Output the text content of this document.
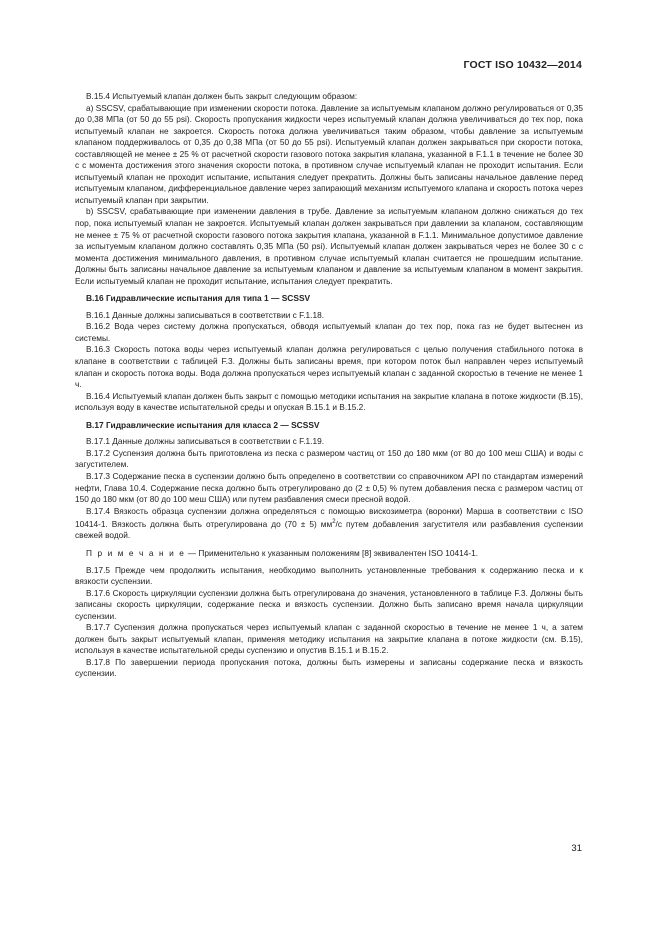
ГОСТ ISO 10432—2014

B.15.4 Испытуемый клапан должен быть закрыт следующим образом:

a) SSCSV, срабатывающие при изменении скорости потока. Давление за испытуемым клапаном должно регулироваться от 0,35 до 0,38 МПа (от 50 до 55 psi). Скорость пропускания жидкости через испытуемый клапан должна увеличиваться до тех пор, пока испытуемый клапан не закроется. Скорость потока должна увеличиваться таким образом, чтобы давление за испытуемым клапаном поддерживалось от 0,35 до 0,38 МПа (от 50 до 55 psi). Испытуемый клапан должен закрываться при скорости потока, составляющей не менее ± 25 % от расчетной скорости газового потока закрытия клапана, указанной в F.1.1 в течение не более 30 с с момента достижения этого значения скорости потока, в противном случае испытуемый клапан не проходит испытания. Если испытуемый клапан не проходит испытание, испытания следует прекратить. Должны быть записаны начальное давление перед испытуемым клапаном, дифференциальное давление через запирающий механизм испытуемого клапана и скорость потока через испытуемый клапан при закрытии.

b) SSCSV, срабатывающие при изменении давления в трубе. Давление за испытуемым клапаном должно снижаться до тех пор, пока испытуемый клапан не закроется. Испытуемый клапан должен закрываться при давлении за клапаном, составляющим не менее ± 75 % от расчетной скорости газового потока закрытия клапана, указанной в F.1.1. Минимальное допустимое давление за испытуемым клапаном должно составлять 0,35 МПа (50 psi). Испытуемый клапан должен закрываться через не более 30 с с момента достижения минимального давления, в противном случае испытуемый клапан считается не прошедшим испытание. Должны быть записаны начальное давление за испытуемым клапаном и давление за испытуемым клапаном в момент закрытия. Если испытуемый клапан не проходит испытание, испытания следует прекратить.

B.16 Гидравлические испытания для типа 1 — SCSSV

B.16.1 Данные должны записываться в соответствии с F.1.18.

B.16.2 Вода через систему должна пропускаться, обводя испытуемый клапан до тех пор, пока газ не будет вытеснен из системы.

B.16.3 Скорость потока воды через испытуемый клапан должна регулироваться с целью получения стабильного потока в клапане в соответствии с таблицей F.3. Должны быть записаны время, при котором поток был направлен через испытуемый клапан и скорость потока воды. Вода должна пропускаться через испытуемый клапан с заданной скоростью в течение не менее 1 ч.

B.16.4 Испытуемый клапан должен быть закрыт с помощью методики испытания на закрытие клапана в потоке жидкости (B.15), используя воду в качестве испытательной среды и опуская B.15.1 и B.15.2.

B.17 Гидравлические испытания для класса 2 — SCSSV

B.17.1 Данные должны записываться в соответствии с F.1.19.

B.17.2 Суспензия должна быть приготовлена из песка с размером частиц от 150 до 180 мкм (от 80 до 100 меш США) и воды с загустителем.

B.17.3 Содержание песка в суспензии должно быть определено в соответствии со справочником API по стандартам измерений нефти, Глава 10.4. Содержание песка должно быть отрегулировано до (2 ± 0,5) % путем добавления песка с размером частиц от 150 до 180 мкм (от 80 до 100 меш США) или путем разбавления смеси пресной водой.

B.17.4 Вязкость образца суспензии должна определяться с помощью вискозиметра (воронки) Марша в соответствии с ISO 10414-1. Вязкость должна быть отрегулирована до (70 ± 5) $мм^2/с$ путем добавления загустителя или разбавления суспензии свежей водой.

П р и м е ч а н и е — Применительно к указанным положениям [8] эквивалентен ISO 10414-1.

B.17.5 Прежде чем продолжить испытания, необходимо выполнить установленные требования к содержанию песка и к вязкости суспензии.

B.17.6 Скорость циркуляции суспензии должна быть отрегулирована до значения, установленного в таблице F.3. Должны быть записаны скорость циркуляции, содержание песка и вязкость суспензии. Должно быть записано время начала циркуляции суспензии.

B.17.7 Суспензия должна пропускаться через испытуемый клапан с заданной скоростью в течение не менее 1 ч, а затем должен быть закрыт испытуемый клапан, применяя методику испытания на закрытие клапана в потоке жидкости (см. B.15), используя в качестве испытательной среды суспензию и опустив B.15.1 и B.15.2.

B.17.8 По завершении периода пропускания потока, должны быть измерены и записаны содержание песка и вязкость суспензии.

31
